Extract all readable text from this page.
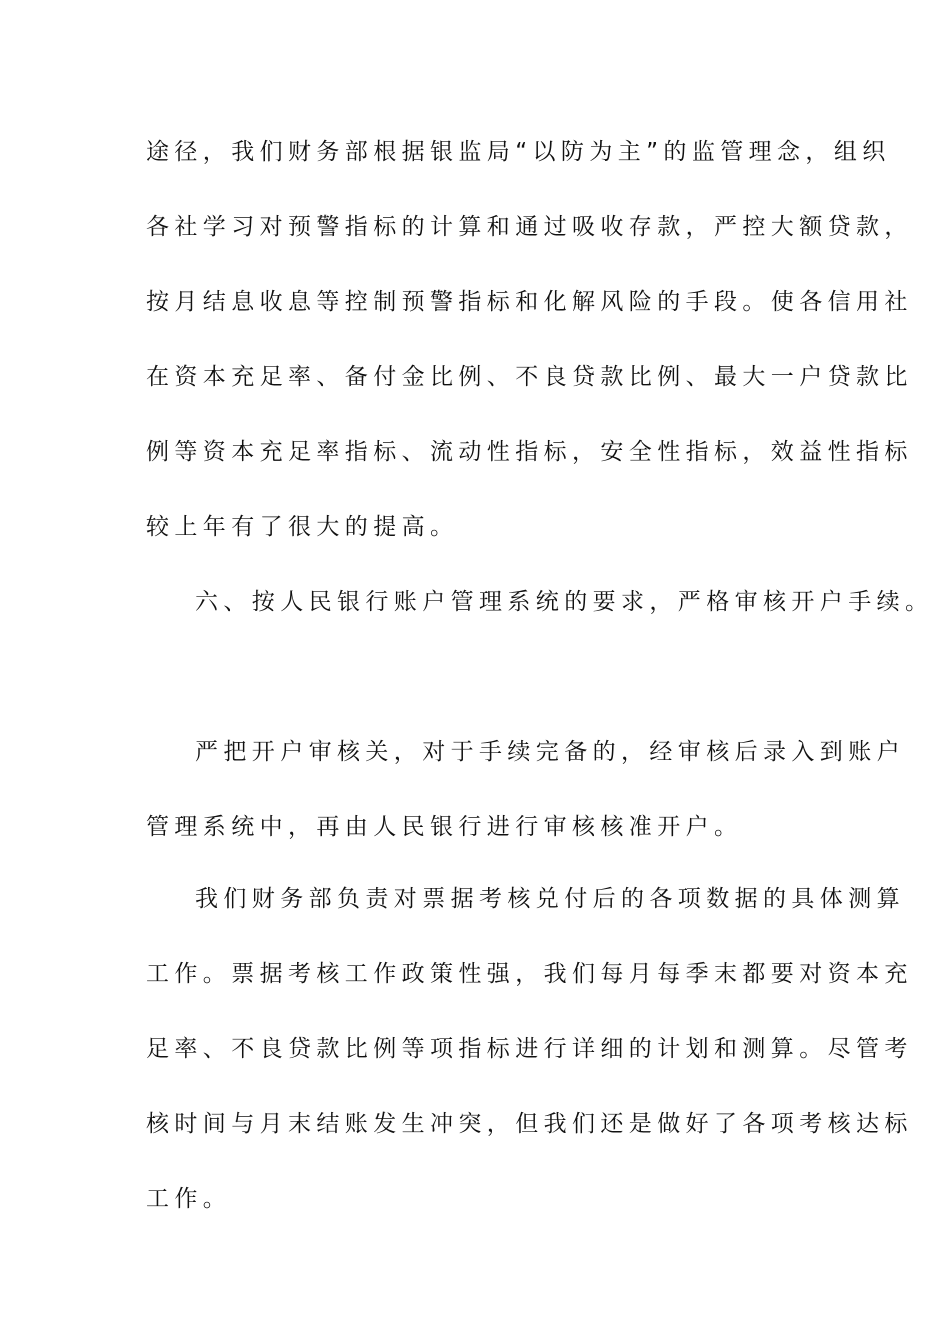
途径，我们财务部根据银监局“以防为主”的监管理念，组织
各社学习对预警指标的计算和通过吸收存款，严控大额贷款，
按月结息收息等控制预警指标和化解风险的手段。使各信用社
在资本充足率、备付金比例、不良贷款比例、最大一户贷款比
例等资本充足率指标、流动性指标，安全性指标，效益性指标
较上年有了很大的提高。
六、按人民银行账户管理系统的要求，严格审核开户手续。
严把开户审核关，对于手续完备的，经审核后录入到账户
管理系统中，再由人民银行进行审核核准开户。
我们财务部负责对票据考核兑付后的各项数据的具体测算
工作。票据考核工作政策性强，我们每月每季末都要对资本充
足率、不良贷款比例等项指标进行详细的计划和测算。尽管考
核时间与月末结账发生冲突，但我们还是做好了各项考核达标
工作。
